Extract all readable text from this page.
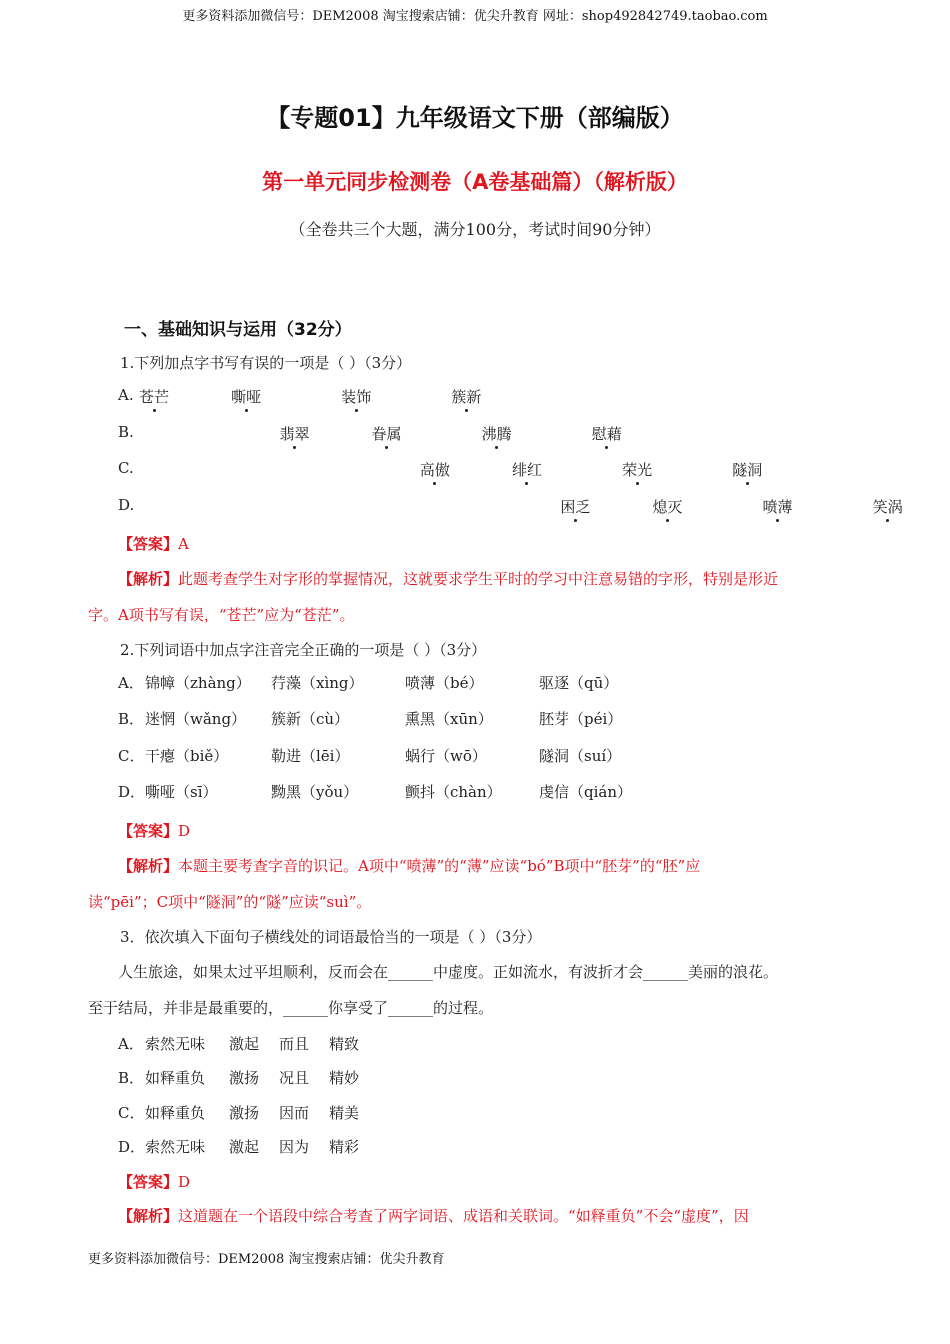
更多资料添加微信号：DEM2008 淘宝搜索店铺：优尖升教育 网址：shop492842749.taobao.com
【专题01】九年级语文下册（部编版）
第一单元同步检测卷（A卷基础篇）（解析版）
（全卷共三个大题，满分100分，考试时间90分钟）
一、基础知识与运用（32分）
1.下列加点字书写有误的一项是（ ）（3分）
A. 苍芒	嘶哑	装饰	簇新
B.	翡翠	眷属	沸腾	慰藉
C.	高傲	绯红	荣光	隧洞
D.	困乏	熄灭	喷薄	笑涡
【答案】A
【解析】此题考查学生对字形的掌握情况，这就要求学生平时的学习中注意易错的字形，特别是形近
字。A项书写有误，“苍芒”应为“苍茫”。
2.下列词语中加点字注音完全正确的一项是（ ）（3分）
A． 锦幛（zhàng） 荇藻（xìng）	喷薄（bé）	驱逐（qū）
B． 迷惘（wǎng） 簇新（cù）	熏黑（xūn）	胚芽（péi）
C． 干瘪（biě）	勒进（lēi）	蜗行（wō）	隧洞（suí）
D． 嘶哑（sī）	黝黑（yǒu）	颤抖（chàn） 虔信（qián）
【答案】D
【解析】本题主要考查字音的识记。A项中“喷薄”的“薄”应读“bó”B项中“胚芽”的“胚”应
读“pēi”；C项中“隧洞”的“隧”应读“suì”。
3．依次填入下面句子横线处的词语最恰当的一项是（ ）（3分）
人生旅途，如果太过平坦顺利，反而会在______中虚度。正如流水，有波折才会______美丽的浪花。
至于结局，并非是最重要的，______你享受了______的过程。
A． 索然无味 激起 而且 精致
B． 如释重负 激扬 况且 精妙
C． 如释重负 激扬 因而 精美
D． 索然无味 激起 因为 精彩
【答案】D
【解析】这道题在一个语段中综合考查了两字词语、成语和关联词。“如释重负”不会“虚度”，因
更多资料添加微信号：DEM2008 淘宝搜索店铺：优尖升教育
